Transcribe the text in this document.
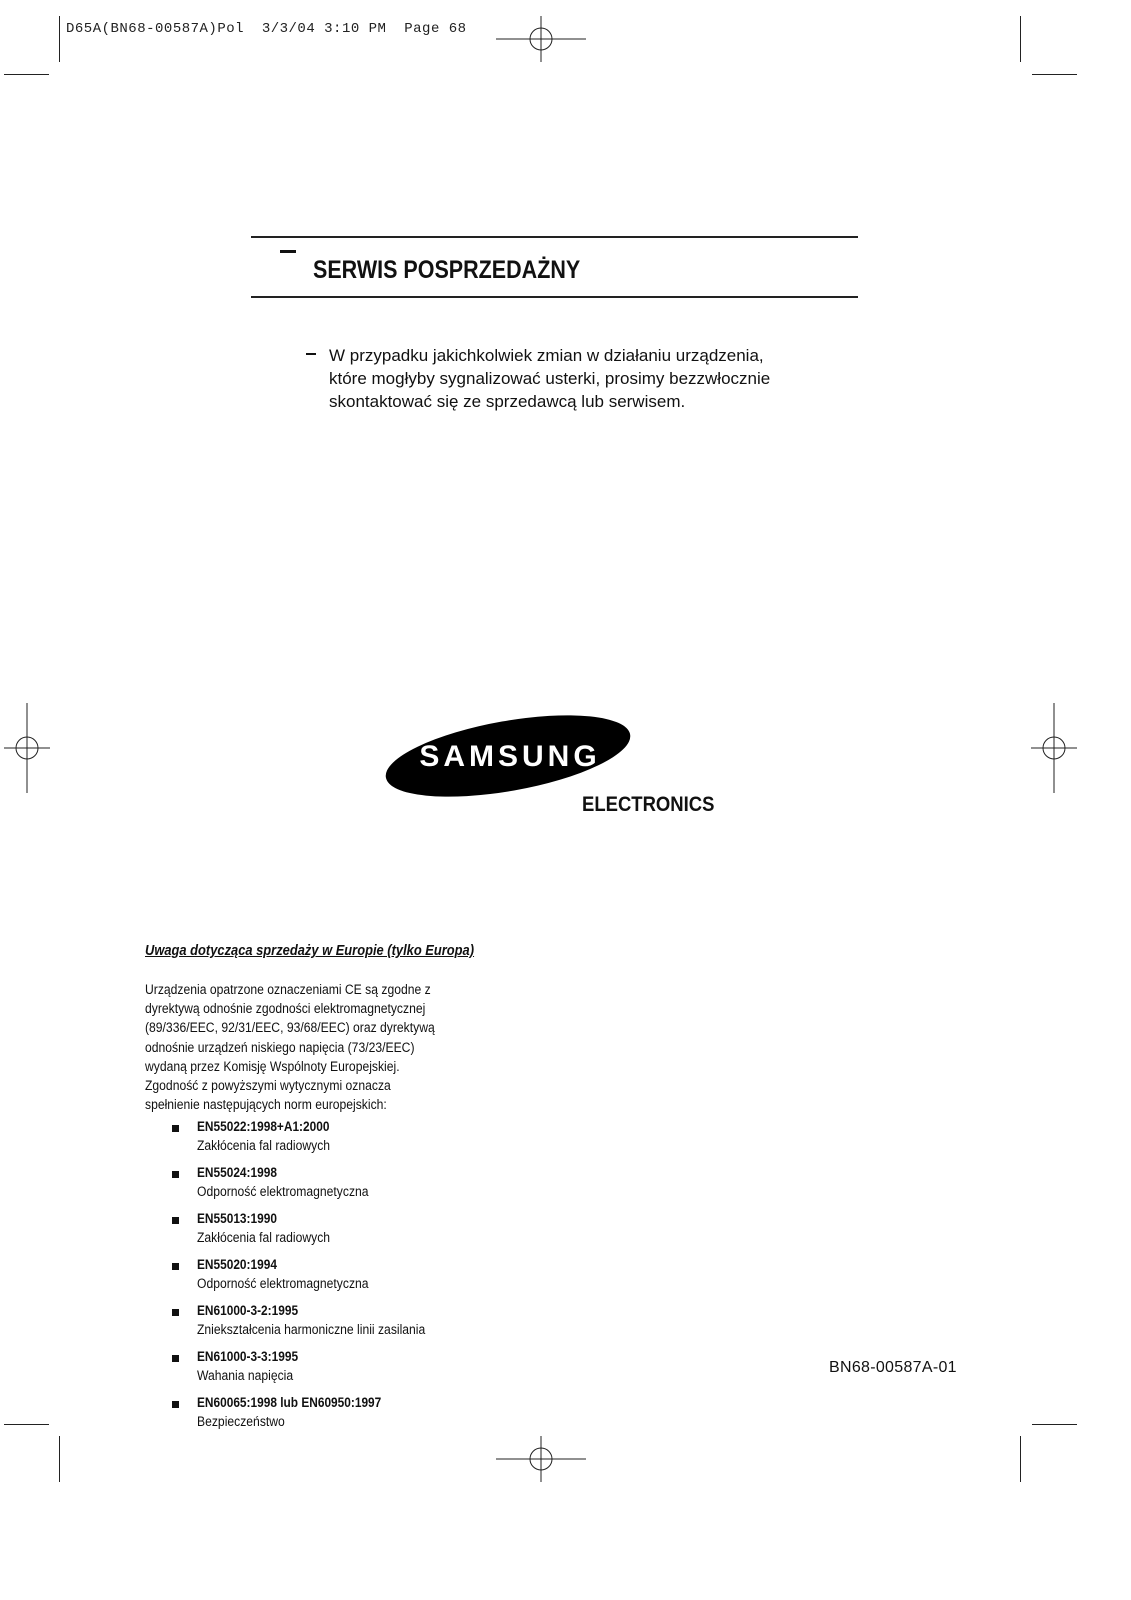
D65A(BN68-00587A)Pol  3/3/04 3:10 PM  Page 68
SERWIS POSPRZEDAŻNY
W przypadku jakichkolwiek zmian w działaniu urządzenia,
które mogłyby sygnalizować usterki, prosimy bezzwłocznie
skontaktować się ze sprzedawcą lub serwisem.
SAMSUNG
ELECTRONICS
Uwaga dotycząca sprzedaży w Europie (tylko Europa)
Urządzenia opatrzone oznaczeniami CE są zgodne z
dyrektywą odnośnie zgodności elektromagnetycznej
(89/336/EEC, 92/31/EEC, 93/68/EEC) oraz dyrektywą
odnośnie urządzeń niskiego napięcia (73/23/EEC)
wydaną przez Komisję Wspólnoty Europejskiej.
Zgodność z powyższymi wytycznymi oznacza
spełnienie następujących norm europejskich:
EN55022:1998+A1:2000
Zakłócenia fal radiowych
EN55024:1998
Odporność elektromagnetyczna
EN55013:1990
Zakłócenia fal radiowych
EN55020:1994
Odporność elektromagnetyczna
EN61000-3-2:1995
Zniekształcenia harmoniczne linii zasilania
EN61000-3-3:1995
Wahania napięcia
EN60065:1998 lub EN60950:1997
Bezpieczeństwo
BN68-00587A-01
